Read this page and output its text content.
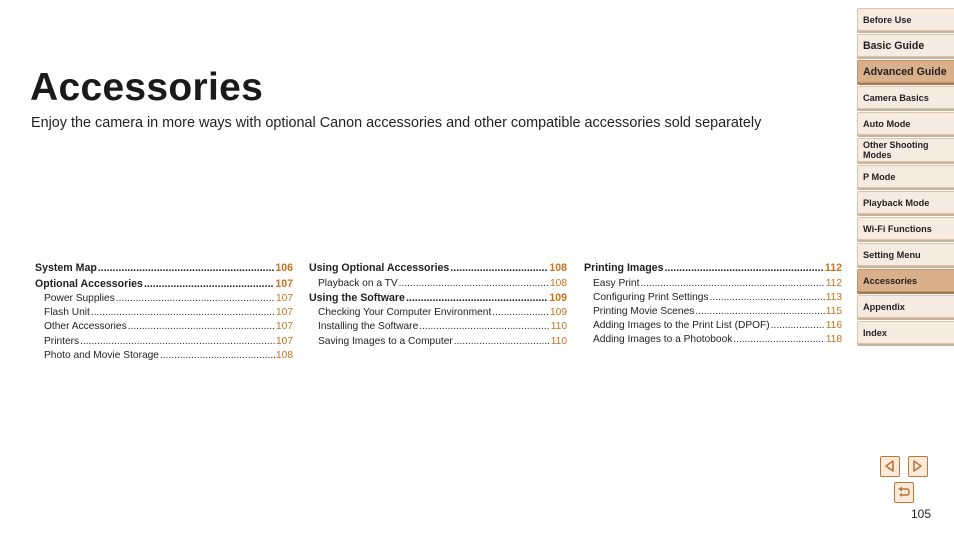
Accessories

Enjoy the camera in more ways with optional Canon accessories and other compatible accessories sold separately

System Map .....	106
Optional Accessories .....	107
Power Supplies .....	107
Flash Unit .....	107
Other Accessories .....	107
Printers .....	107
Photo and Movie Storage .....	108
Using Optional Accessories .....	108
Playback on a TV .....	108
Using the Software .....	109
Checking Your Computer Environment .....	109
Installing the Software .....	110
Saving Images to a Computer .....	110
Printing Images .....	112
Easy Print .....	112
Configuring Print Settings .....	113
Printing Movie Scenes .....	115
Adding Images to the Print List (DPOF) .....	116
Adding Images to a Photobook .....	118
Before Use
Basic Guide
Advanced Guide
Camera Basics
Auto Mode
Other Shooting Modes
P Mode
Playback Mode
Wi-Fi Functions
Setting Menu
Accessories
Appendix
Index
105
